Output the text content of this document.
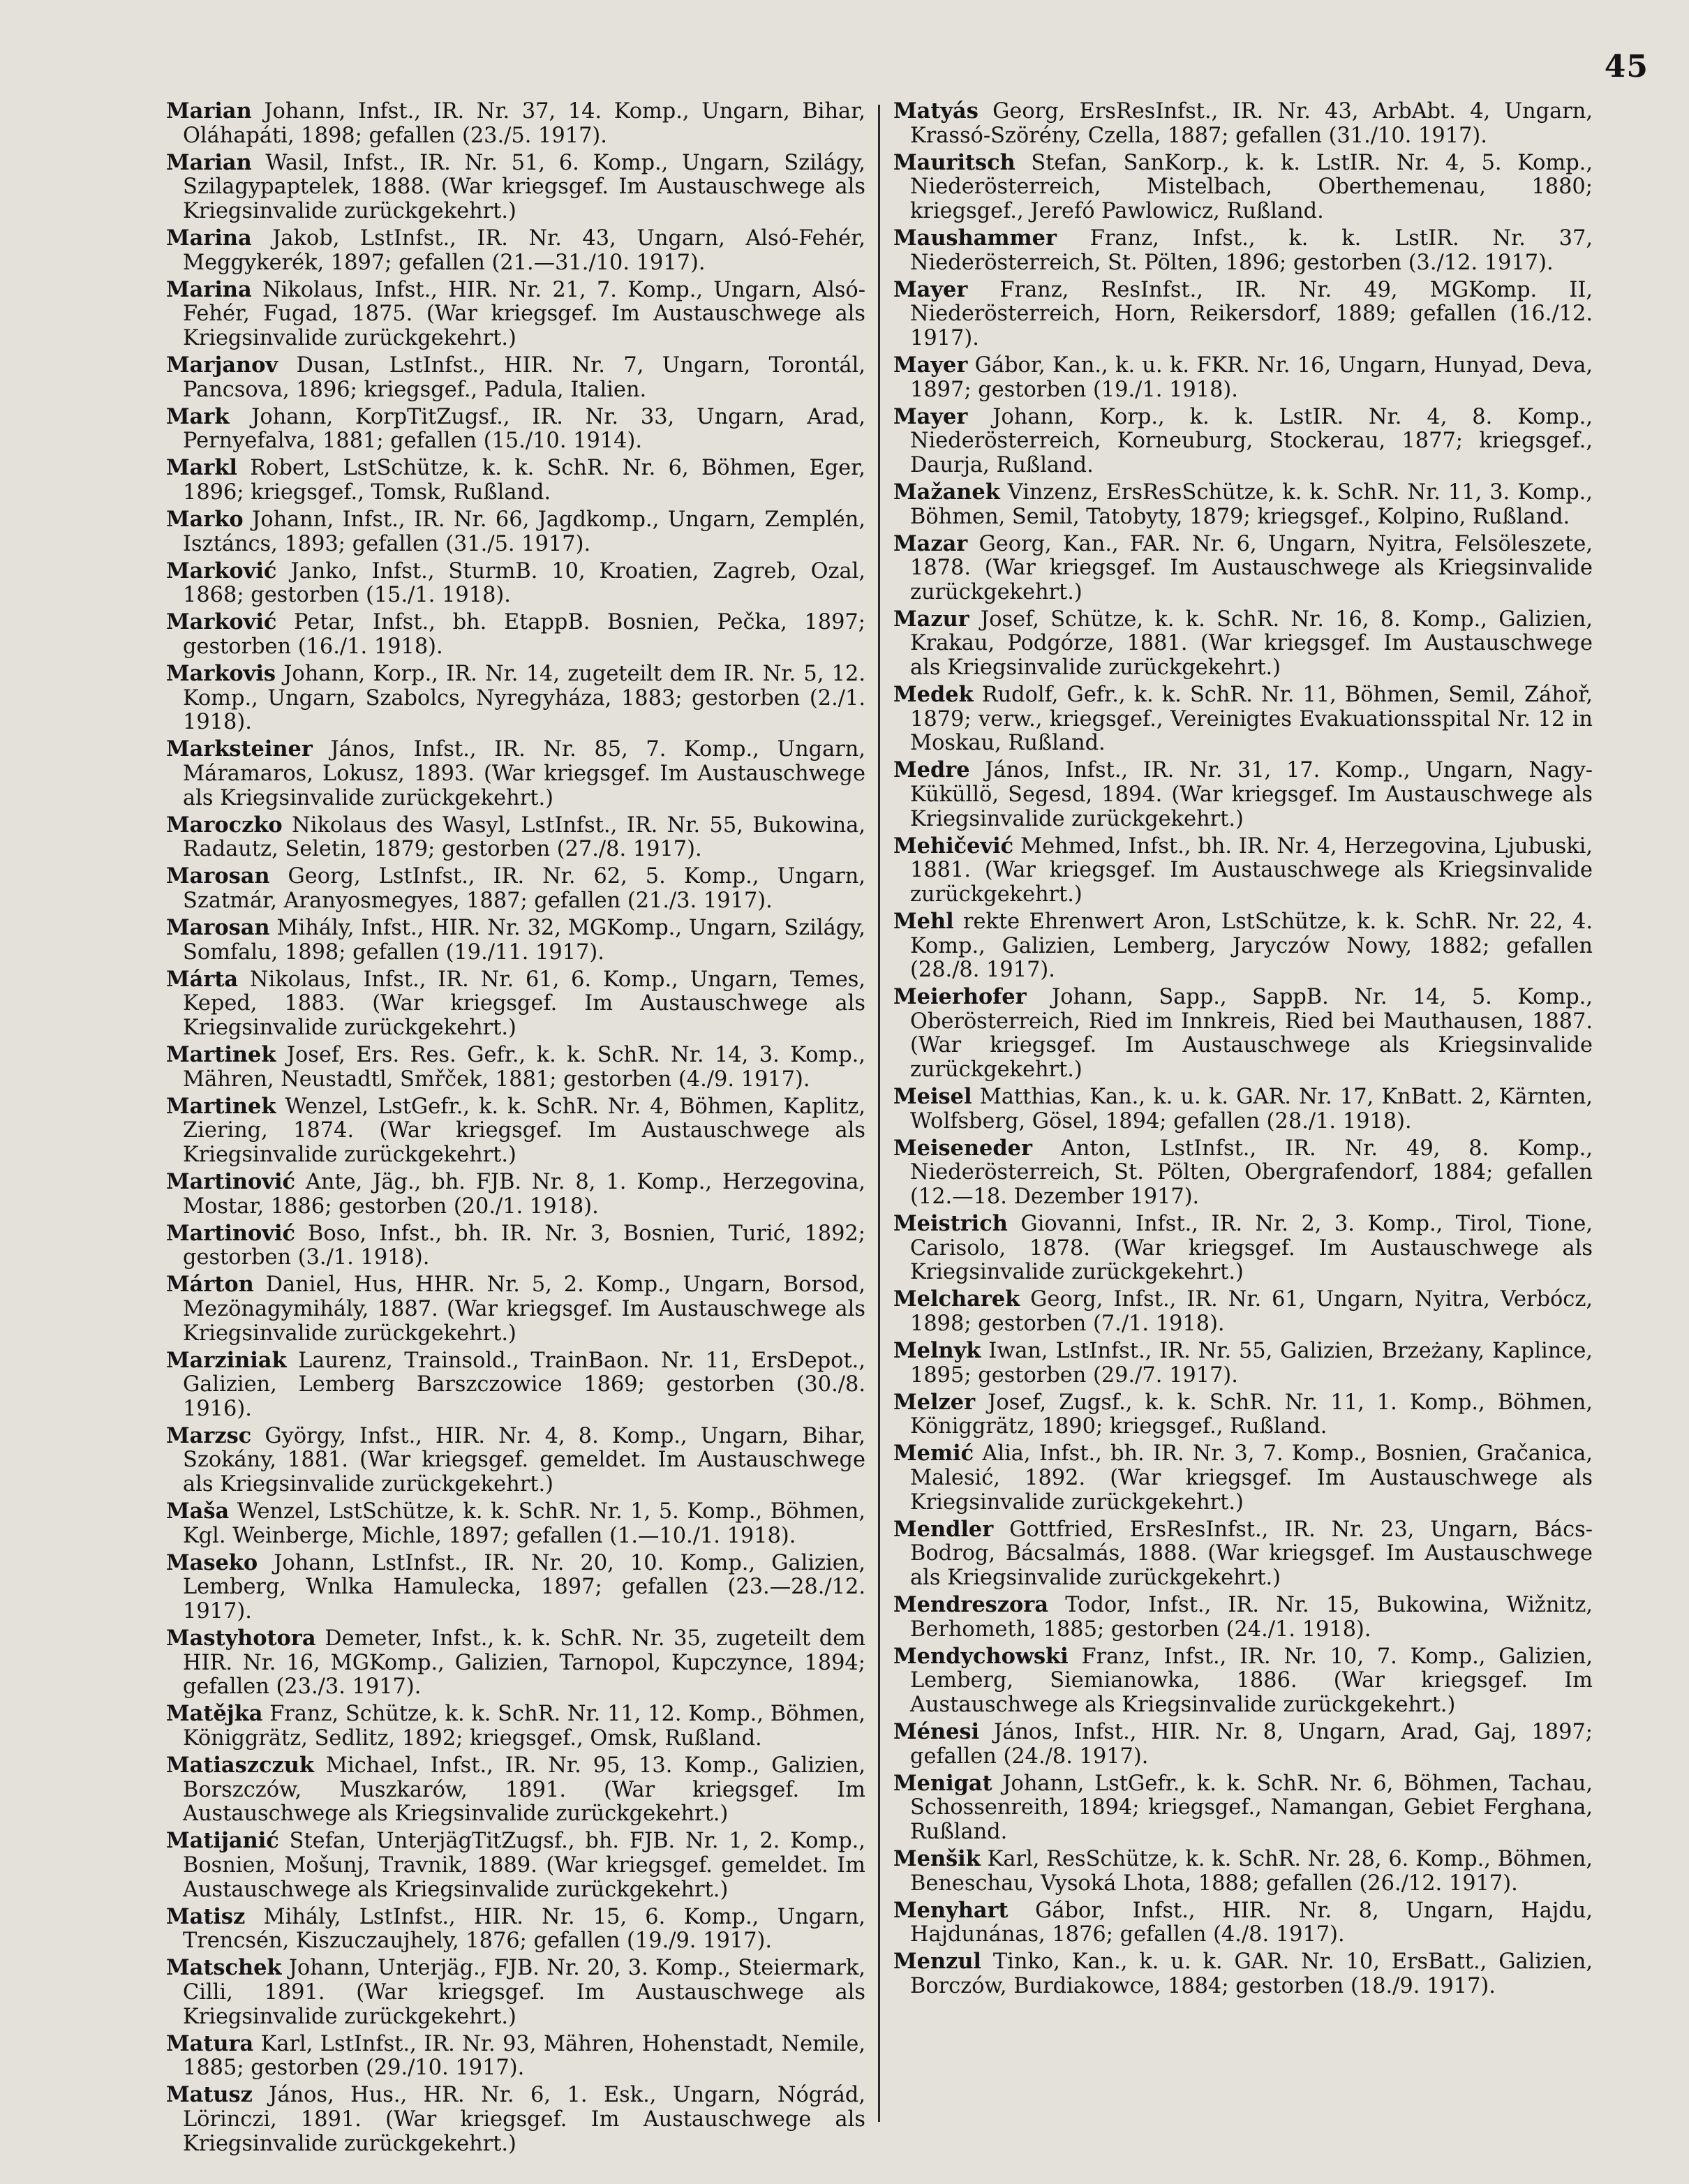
45

Marian Johann, Infst., IR. Nr. 37, 14. Komp., Ungarn, Bihar, Oláhapáti, 1898; gefallen (23./5. 1917).

Marian Wasil, Infst., IR. Nr. 51, 6. Komp., Ungarn, Szilágy, Szilagypaptelek, 1888. (War kriegsgef. Im Austauschwege als Kriegsinvalide zurückgekehrt.)

Marina Jakob, LstInfst., IR. Nr. 43, Ungarn, Alsó-Fehér, Meggykerék, 1897; gefallen (21.—31./10. 1917).

Marina Nikolaus, Infst., HIR. Nr. 21, 7. Komp., Ungarn, Alsó-Fehér, Fugad, 1875. (War kriegsgef. Im Austauschwege als Kriegsinvalide zurückgekehrt.)

Marjanov Dusan, LstInfst., HIR. Nr. 7, Ungarn, Torontál, Pancsova, 1896; kriegsgef., Padula, Italien.

Mark Johann, KorpTitZugsf., IR. Nr. 33, Ungarn, Arad, Pernyefalva, 1881; gefallen (15./10. 1914).

Markl Robert, LstSchütze, k. k. SchR. Nr. 6, Böhmen, Eger, 1896; kriegsgef., Tomsk, Rußland.

Marko Johann, Infst., IR. Nr. 66, Jagdkomp., Ungarn, Zemplén, Isztáncs, 1893; gefallen (31./5. 1917).

Marković Janko, Infst., SturmB. 10, Kroatien, Zagreb, Ozal, 1868; gestorben (15./1. 1918).

Marković Petar, Infst., bh. EtappB. Bosnien, Pečka, 1897; gestorben (16./1. 1918).

Markovis Johann, Korp., IR. Nr. 14, zugeteilt dem IR. Nr. 5, 12. Komp., Ungarn, Szabolcs, Nyregyháza, 1883; gestorben (2./1. 1918).

Marksteiner János, Infst., IR. Nr. 85, 7. Komp., Ungarn, Máramaros, Lokusz, 1893. (War kriegsgef. Im Austauschwege als Kriegsinvalide zurückgekehrt.)

Maroczko Nikolaus des Wasyl, LstInfst., IR. Nr. 55, Bukowina, Radautz, Seletin, 1879; gestorben (27./8. 1917).

Marosan Georg, LstInfst., IR. Nr. 62, 5. Komp., Ungarn, Szatmár, Aranyosmegyes, 1887; gefallen (21./3. 1917).

Marosan Mihály, Infst., HIR. Nr. 32, MGKomp., Ungarn, Szilágy, Somfalu, 1898; gefallen (19./11. 1917).

Márta Nikolaus, Infst., IR. Nr. 61, 6. Komp., Ungarn, Temes, Keped, 1883. (War kriegsgef. Im Austauschwege als Kriegsinvalide zurückgekehrt.)

Martinek Josef, Ers. Res. Gefr., k. k. SchR. Nr. 14, 3. Komp., Mähren, Neustadtl, Smřček, 1881; gestorben (4./9. 1917).

Martinek Wenzel, LstGefr., k. k. SchR. Nr. 4, Böhmen, Kaplitz, Ziering, 1874. (War kriegsgef. Im Austauschwege als Kriegsinvalide zurückgekehrt.)

Martinović Ante, Jäg., bh. FJB. Nr. 8, 1. Komp., Herzegovina, Mostar, 1886; gestorben (20./1. 1918).

Martinović Boso, Infst., bh. IR. Nr. 3, Bosnien, Turić, 1892; gestorben (3./1. 1918).

Márton Daniel, Hus, HHR. Nr. 5, 2. Komp., Ungarn, Borsod, Mezönagymihály, 1887. (War kriegsgef. Im Austauschwege als Kriegsinvalide zurückgekehrt.)

Marziniak Laurenz, Trainsold., TrainBaon. Nr. 11, ErsDepot., Galizien, Lemberg Barszczowice 1869; gestorben (30./8. 1916).

Marzsc György, Infst., HIR. Nr. 4, 8. Komp., Ungarn, Bihar, Szokány, 1881. (War kriegsgef. gemeldet. Im Austauschwege als Kriegsinvalide zurückgekehrt.)

Maša Wenzel, LstSchütze, k. k. SchR. Nr. 1, 5. Komp., Böhmen, Kgl. Weinberge, Michle, 1897; gefallen (1.—10./1. 1918).

Maseko Johann, LstInfst., IR. Nr. 20, 10. Komp., Galizien, Lemberg, Wnlka Hamulecka, 1897; gefallen (23.—28./12. 1917).

Mastyhotora Demeter, Infst., k. k. SchR. Nr. 35, zugeteilt dem HIR. Nr. 16, MGKomp., Galizien, Tarnopol, Kupczynce, 1894; gefallen (23./3. 1917).

Matějka Franz, Schütze, k. k. SchR. Nr. 11, 12. Komp., Böhmen, Königgrätz, Sedlitz, 1892; kriegsgef., Omsk, Rußland.

Matiaszczuk Michael, Infst., IR. Nr. 95, 13. Komp., Galizien, Borszczów, Muszkarów, 1891. (War kriegsgef. Im Austauschwege als Kriegsinvalide zurückgekehrt.)

Matijanić Stefan, UnterjägTitZugsf., bh. FJB. Nr. 1, 2. Komp., Bosnien, Mošunj, Travnik, 1889. (War kriegsgef. gemeldet. Im Austauschwege als Kriegsinvalide zurückgekehrt.)

Matisz Mihály, LstInfst., HIR. Nr. 15, 6. Komp., Ungarn, Trencsén, Kiszuczaujhely, 1876; gefallen (19./9. 1917).

Matschek Johann, Unterjäg., FJB. Nr. 20, 3. Komp., Steiermark, Cilli, 1891. (War kriegsgef. Im Austauschwege als Kriegsinvalide zurückgekehrt.)

Matura Karl, LstInfst., IR. Nr. 93, Mähren, Hohenstadt, Nemile, 1885; gestorben (29./10. 1917).

Matusz János, Hus., HR. Nr. 6, 1. Esk., Ungarn, Nógrád, Lörinczi, 1891. (War kriegsgef. Im Austauschwege als Kriegsinvalide zurückgekehrt.)

Matyás Georg, ErsResInfst., IR. Nr. 43, ArbAbt. 4, Ungarn, Krassó-Szörény, Czella, 1887; gefallen (31./10. 1917).

Mauritsch Stefan, SanKorp., k. k. LstIR. Nr. 4, 5. Komp., Niederösterreich, Mistelbach, Oberthemenau, 1880; kriegsgef., Jerefó Pawlowicz, Rußland.

Maushammer Franz, Infst., k. k. LstIR. Nr. 37, Niederösterreich, St. Pölten, 1896; gestorben (3./12. 1917).

Mayer Franz, ResInfst., IR. Nr. 49, MGKomp. II, Niederösterreich, Horn, Reikersdorf, 1889; gefallen (16./12. 1917).

Mayer Gábor, Kan., k. u. k. FKR. Nr. 16, Ungarn, Hunyad, Deva, 1897; gestorben (19./1. 1918).

Mayer Johann, Korp., k. k. LstIR. Nr. 4, 8. Komp., Niederösterreich, Korneuburg, Stockerau, 1877; kriegsgef., Daurja, Rußland.

Mažanek Vinzenz, ErsResSchütze, k. k. SchR. Nr. 11, 3. Komp., Böhmen, Semil, Tatobyty, 1879; kriegsgef., Kolpino, Rußland.

Mazar Georg, Kan., FAR. Nr. 6, Ungarn, Nyitra, Felsöleszete, 1878. (War kriegsgef. Im Austauschwege als Kriegsinvalide zurückgekehrt.)

Mazur Josef, Schütze, k. k. SchR. Nr. 16, 8. Komp., Galizien, Krakau, Podgórze, 1881. (War kriegsgef. Im Austauschwege als Kriegsinvalide zurückgekehrt.)

Medek Rudolf, Gefr., k. k. SchR. Nr. 11, Böhmen, Semil, Záhoř, 1879; verw., kriegsgef., Vereinigtes Evakuationsspital Nr. 12 in Moskau, Rußland.

Medre János, Infst., IR. Nr. 31, 17. Komp., Ungarn, Nagy-Küküllö, Segesd, 1894. (War kriegsgef. Im Austauschwege als Kriegsinvalide zurückgekehrt.)

Mehičević Mehmed, Infst., bh. IR. Nr. 4, Herzegovina, Ljubuski, 1881. (War kriegsgef. Im Austauschwege als Kriegsinvalide zurückgekehrt.)

Mehl rekte Ehrenwert Aron, LstSchütze, k. k. SchR. Nr. 22, 4. Komp., Galizien, Lemberg, Jaryczów Nowy, 1882; gefallen (28./8. 1917).

Meierhofer Johann, Sapp., SappB. Nr. 14, 5. Komp., Oberösterreich, Ried im Innkreis, Ried bei Mauthausen, 1887. (War kriegsgef. Im Austauschwege als Kriegsinvalide zurückgekehrt.)

Meisel Matthias, Kan., k. u. k. GAR. Nr. 17, KnBatt. 2, Kärnten, Wolfsberg, Gösel, 1894; gefallen (28./1. 1918).

Meiseneder Anton, LstInfst., IR. Nr. 49, 8. Komp., Niederösterreich, St. Pölten, Obergrafendorf, 1884; gefallen (12.—18. Dezember 1917).

Meistrich Giovanni, Infst., IR. Nr. 2, 3. Komp., Tirol, Tione, Carisolo, 1878. (War kriegsgef. Im Austauschwege als Kriegsinvalide zurückgekehrt.)

Melcharek Georg, Infst., IR. Nr. 61, Ungarn, Nyitra, Verbócz, 1898; gestorben (7./1. 1918).

Melnyk Iwan, LstInfst., IR. Nr. 55, Galizien, Brzeżany, Kaplince, 1895; gestorben (29./7. 1917).

Melzer Josef, Zugsf., k. k. SchR. Nr. 11, 1. Komp., Böhmen, Königgrätz, 1890; kriegsgef., Rußland.

Memić Alia, Infst., bh. IR. Nr. 3, 7. Komp., Bosnien, Gračanica, Malesić, 1892. (War kriegsgef. Im Austauschwege als Kriegsinvalide zurückgekehrt.)

Mendler Gottfried, ErsResInfst., IR. Nr. 23, Ungarn, Bács-Bodrog, Bácsalmás, 1888. (War kriegsgef. Im Austauschwege als Kriegsinvalide zurückgekehrt.)

Mendreszora Todor, Infst., IR. Nr. 15, Bukowina, Wižnitz, Berhometh, 1885; gestorben (24./1. 1918).

Mendychowski Franz, Infst., IR. Nr. 10, 7. Komp., Galizien, Lemberg, Siemianowka, 1886. (War kriegsgef. Im Austauschwege als Kriegsinvalide zurückgekehrt.)

Ménesi János, Infst., HIR. Nr. 8, Ungarn, Arad, Gaj, 1897; gefallen (24./8. 1917).

Menigat Johann, LstGefr., k. k. SchR. Nr. 6, Böhmen, Tachau, Schossenreith, 1894; kriegsgef., Namangan, Gebiet Ferghana, Rußland.

Menšik Karl, ResSchütze, k. k. SchR. Nr. 28, 6. Komp., Böhmen, Beneschau, Vysoká Lhota, 1888; gefallen (26./12. 1917).

Menyhart Gábor, Infst., HIR. Nr. 8, Ungarn, Hajdu, Hajdunánas, 1876; gefallen (4./8. 1917).

Menzul Tinko, Kan., k. u. k. GAR. Nr. 10, ErsBatt., Galizien, Borczów, Burdiakowce, 1884; gestorben (18./9. 1917).
